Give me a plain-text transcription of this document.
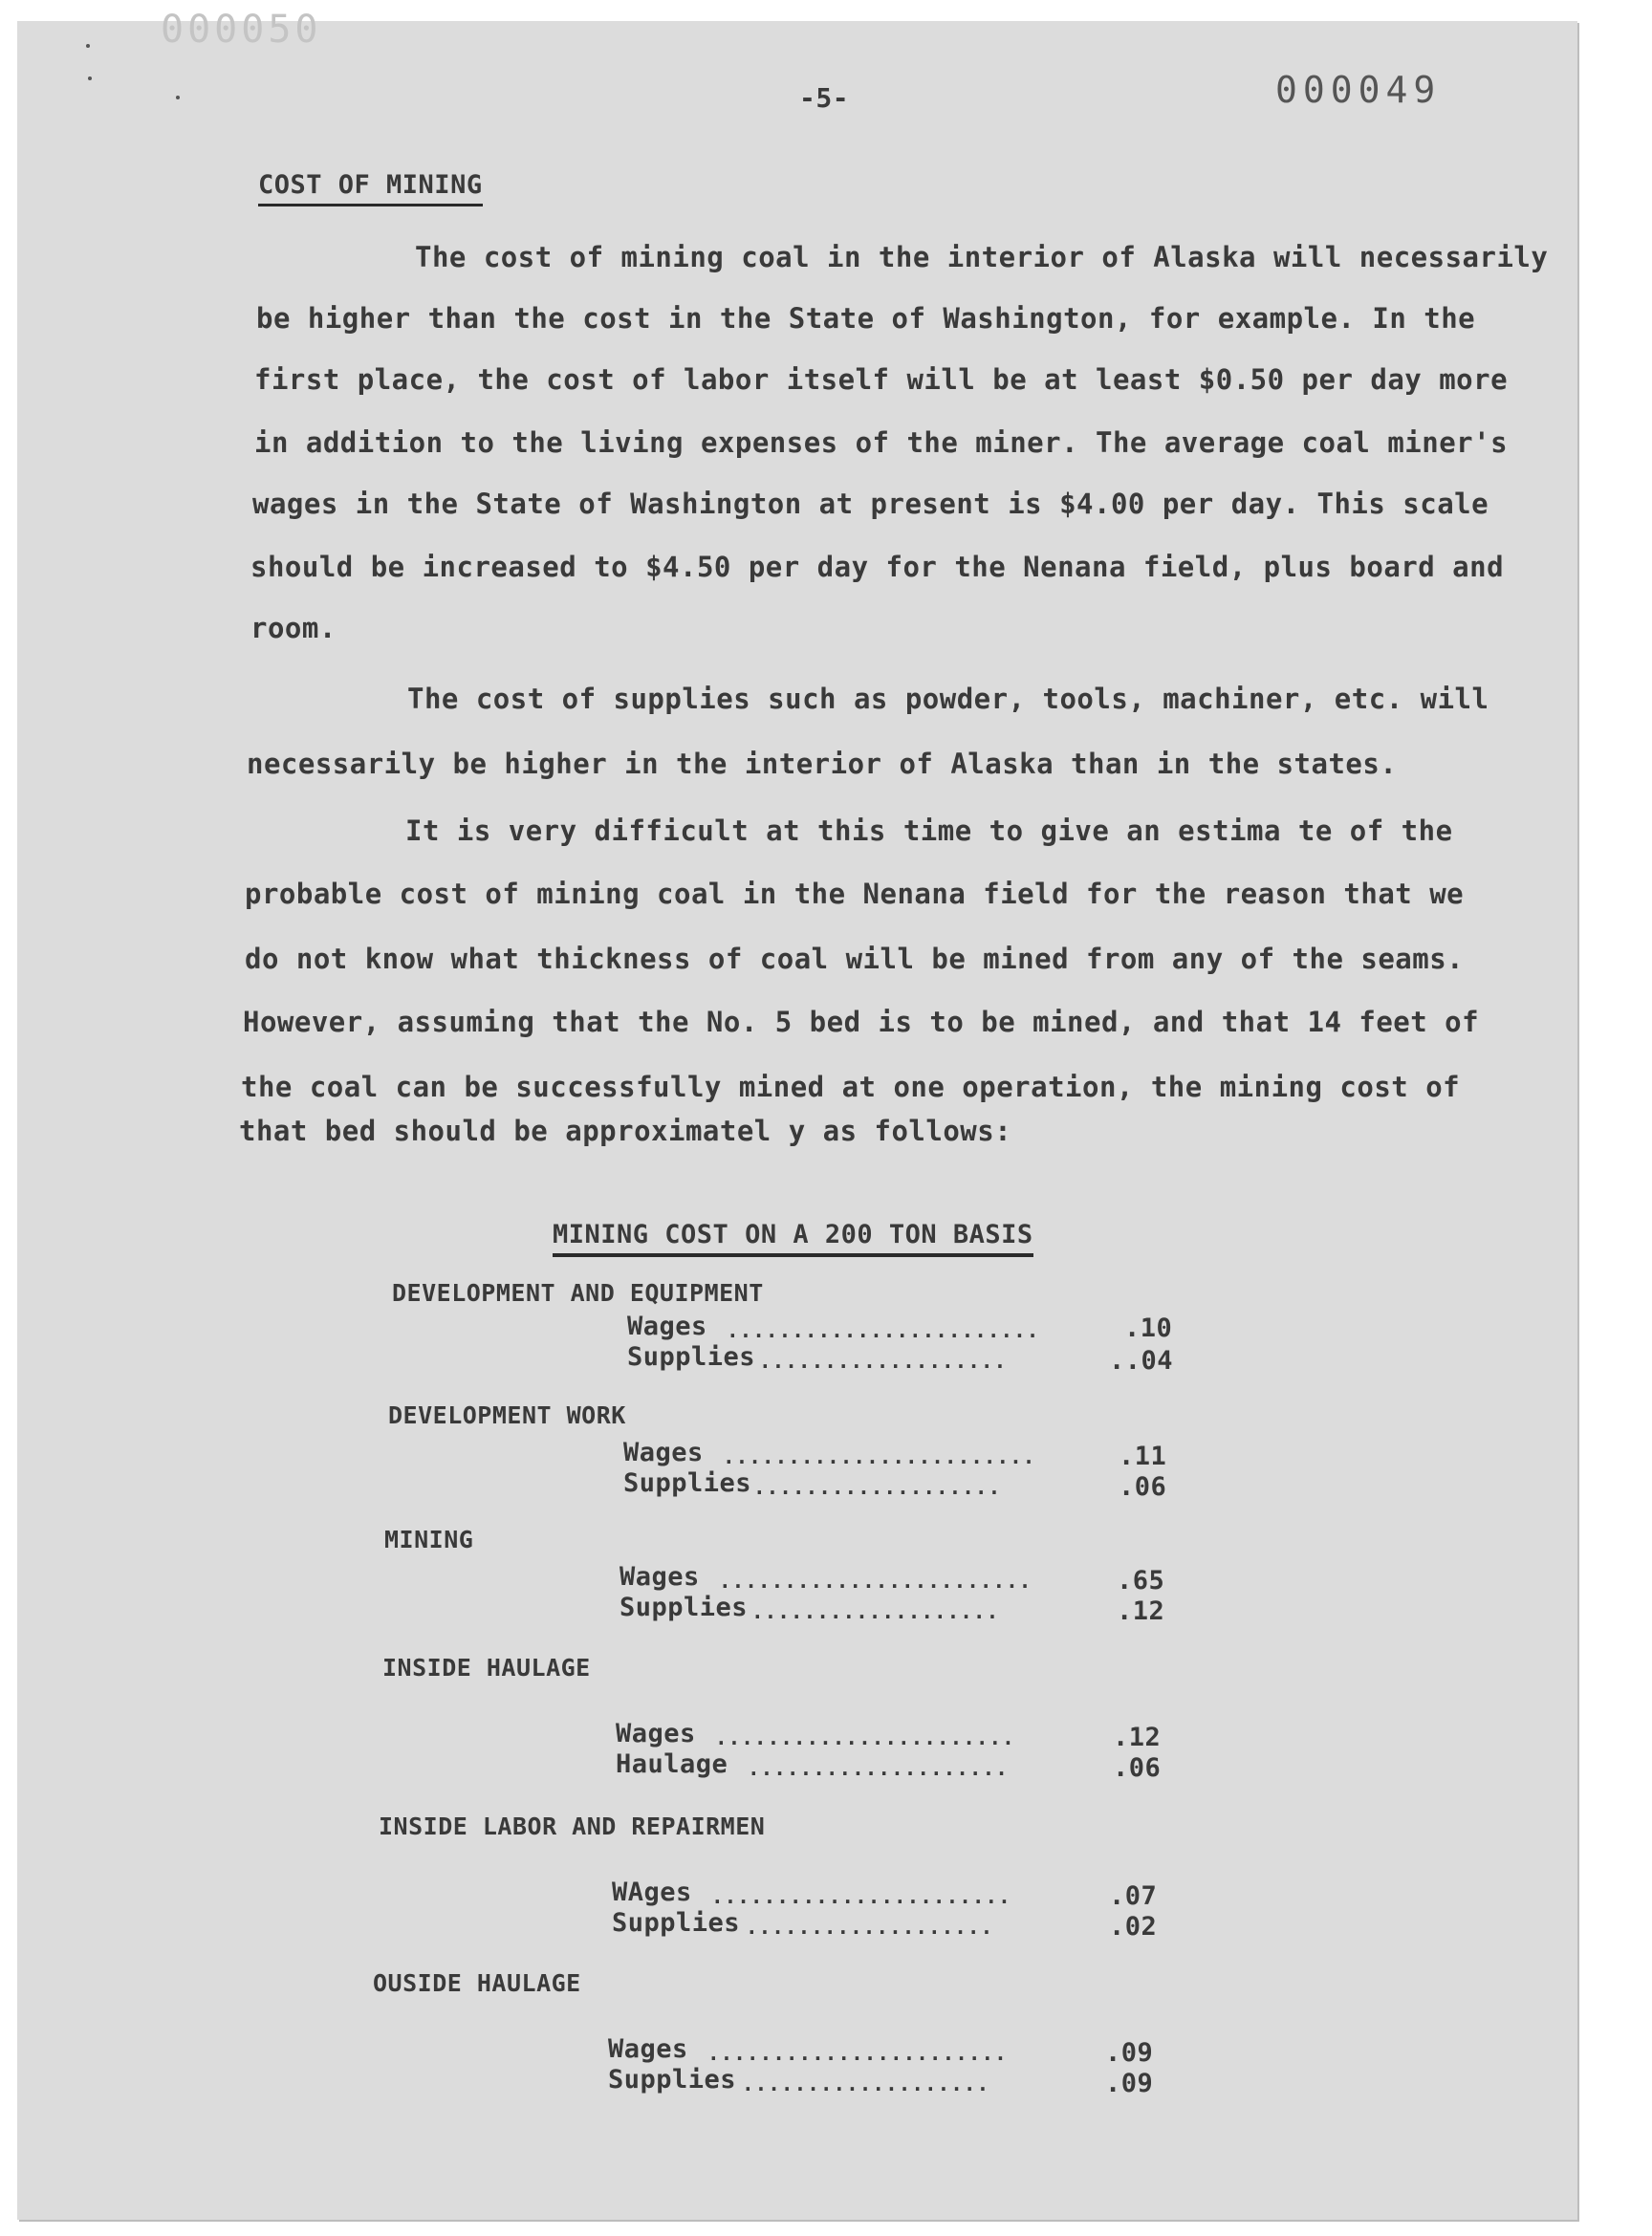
000050
000049
-5-
COST OF MINING
The cost of mining coal in the interior of Alaska will necessarily
be higher than the cost in the State of Washington, for example. In the
first place, the cost of labor itself will be at least $0.50 per day more
in addition to the living expenses of the miner. The average coal miner's
wages in the State of Washington at present is $4.00 per day. This scale
should be increased to $4.50 per day for the Nenana field, plus board and
room.
The cost of supplies such as powder, tools, machiner, etc. will
necessarily be higher in the interior of Alaska than in the states.
It is very difficult at this time to give an estima te of the
probable cost of mining coal in the Nenana field for the reason that we
do not know what thickness of coal will be mined from any of the seams.
However, assuming that the No. 5 bed is to be mined, and that 14 feet of
the coal can be successfully mined at one operation, the mining cost of
that bed should be approximatel y as follows:
MINING COST ON A 200 TON BASIS
DEVELOPMENT AND EQUIPMENT
Wages ........................	.10
Supplies ...................	..04
DEVELOPMENT WORK
Wages ........................	.11
Supplies ...................	.06
MINING
Wages ........................	.65
Supplies ...................	.12
INSIDE HAULAGE
Wages .......................	.12
Haulage ....................	.06
INSIDE LABOR AND REPAIRMEN
WAges .......................	.07
Supplies ...................	.02
OUSIDE HAULAGE
Wages .......................	.09
Supplies ...................	.09
